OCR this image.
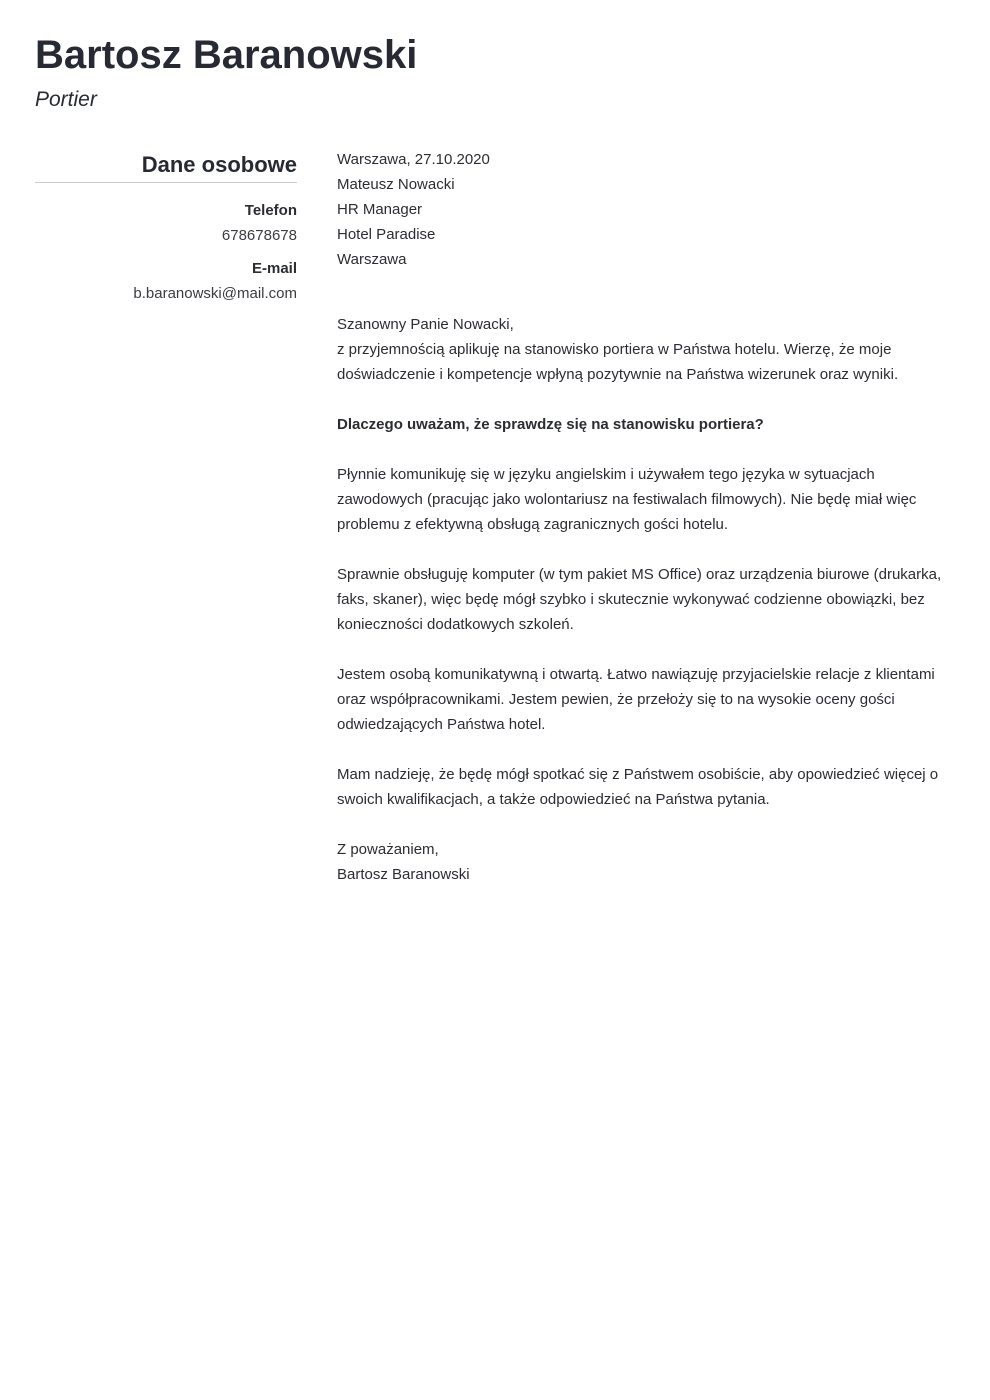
Bartosz Baranowski
Portier
Dane osobowe
Telefon
678678678
E-mail
b.baranowski@mail.com

Warszawa, 27.10.2020

Mateusz Nowacki
HR Manager
Hotel Paradise
Warszawa

Szanowny Panie Nowacki,

z przyjemnością aplikuję na stanowisko portiera w Państwa hotelu. Wierzę, że moje doświadczenie i kompetencje wpłyną pozytywnie na Państwa wizerunek oraz wyniki.

Dlaczego uważam, że sprawdzę się na stanowisku portiera?

Płynnie komunikuję się w języku angielskim i używałem tego języka w sytuacjach zawodowych (pracując jako wolontariusz na festiwalach filmowych). Nie będę miał więc problemu z efektywną obsługą zagranicznych gości hotelu.

Sprawnie obsługuję komputer (w tym pakiet MS Office) oraz urządzenia biurowe (drukarka, faks, skaner), więc będę mógł szybko i skutecznie wykonywać codzienne obowiązki, bez konieczności dodatkowych szkoleń.

Jestem osobą komunikatywną i otwartą. Łatwo nawiązuję przyjacielskie relacje z klientami oraz współpracownikami. Jestem pewien, że przełoży się to na wysokie oceny gości odwiedzających Państwa hotel.

Mam nadzieję, że będę mógł spotkać się z Państwem osobiście, aby opowiedzieć więcej o swoich kwalifikacjach, a także odpowiedzieć na Państwa pytania.

Z poważaniem,
Bartosz Baranowski
